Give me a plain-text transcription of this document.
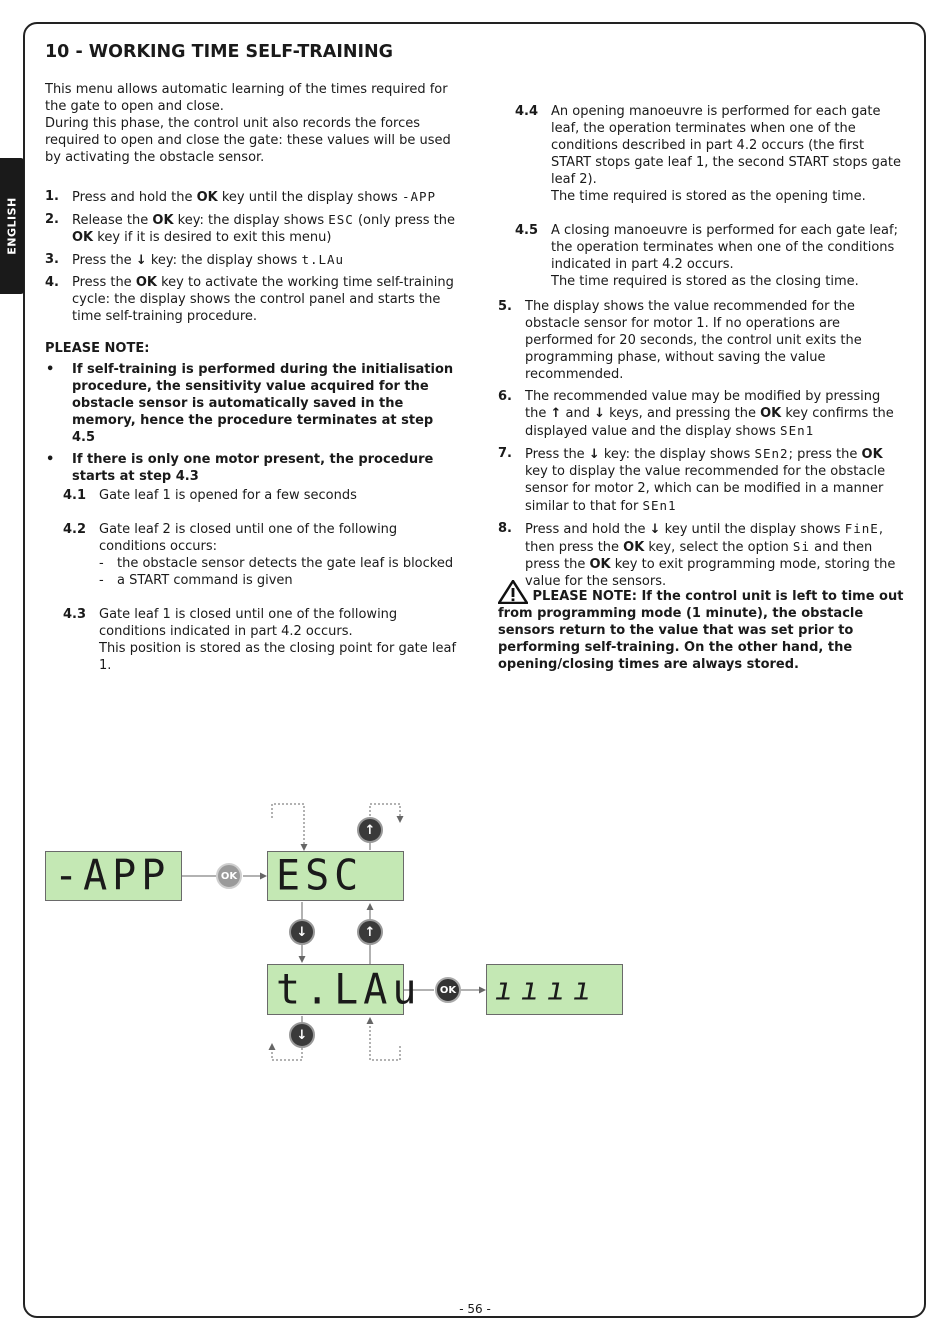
ENGLISH
10 - WORKING TIME SELF-TRAINING
This menu allows automatic learning of the times required for the gate to open and close.
During this phase, the control unit also records the forces required to open and close the gate: these values will be used by activating the obstacle sensor.
1. Press and hold the OK key until the display shows -APP
2. Release the OK key: the display shows ESC (only press the OK key if it is desired to exit this menu)
3. Press the ↓ key: the display shows t.LAu
4. Press the OK key to activate the working time self-training cycle: the display shows the control panel and starts the time self-training procedure.
PLEASE NOTE:
• If self-training is performed during the initialisation procedure, the sensitivity value acquired for the obstacle sensor is automatically saved in the memory, hence the procedure terminates at step 4.5
• If there is only one motor present, the procedure starts at step 4.3
4.1 Gate leaf 1 is opened for a few seconds
4.2 Gate leaf 2 is closed until one of the following conditions occurs:
- the obstacle sensor detects the gate leaf is blocked
- a START command is given
4.3 Gate leaf 1 is closed until one of the following conditions indicated in part 4.2 occurs.
This position is stored as the closing point for gate leaf 1.
4.4 An opening manoeuvre is performed for each gate leaf, the operation terminates when one of the conditions described in part 4.2 occurs (the first START stops gate leaf 1, the second START stops gate leaf 2).
The time required is stored as the opening time.
4.5 A closing manoeuvre is performed for each gate leaf; the operation terminates when one of the conditions indicated in part 4.2 occurs.
The time required is stored as the closing time.
5. The display shows the value recommended for the obstacle sensor for motor 1. If no operations are performed for 20 seconds, the control unit exits the programming phase, without saving the value recommended.
6. The recommended value may be modified by pressing the ↑ and ↓ keys, and pressing the OK key confirms the displayed value and the display shows SEn1
7. Press the ↓ key: the display shows SEn2; press the OK key to display the value recommended for the obstacle sensor for motor 2, which can be modified in a manner similar to that for SEn1
8. Press and hold the ↓ key until the display shows FinE, then press the OK key, select the option Si and then press the OK key to exit programming mode, storing the value for the sensors.
PLEASE NOTE: If the control unit is left to time out from programming mode (1 minute), the obstacle sensors return to the value that was set prior to performing self-training. On the other hand, the opening/closing times are always stored.
-APP	ESC
t.LAu ıııı
OK
OK
↑
↓	↑
↓
- 56 -
